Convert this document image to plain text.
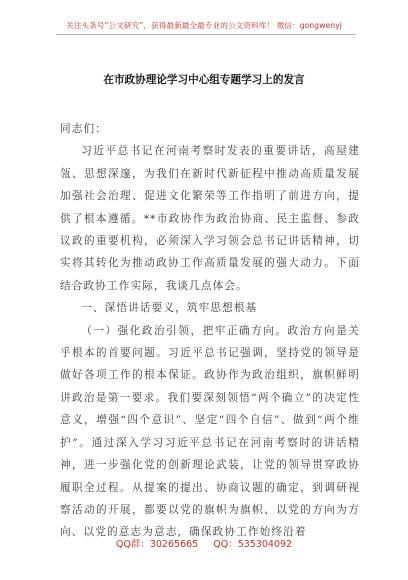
关注头条号“公文研究”，获得最新最全最专业的公文资料库！ 微信：gongwenyj
在市政协理论学习中心组专题学习上的发言

同志们：

习近平总书记在河南考察时发表的重要讲话，高屋建瓴、思想深邃，为我们在新时代新征程中推动高质量发展加强社会治理、促进文化繁荣等工作指明了前进方向，提供了根本遵循。**市政协作为政治协商、民主监督、参政议政的重要机构，必须深入学习领会总书记讲话精神，切实将其转化为推动政协工作高质量发展的强大动力。下面结合政协工作实际，我谈几点体会。

一、深悟讲话要义，筑牢思想根基

（一）强化政治引领，把牢正确方向。政治方向是关乎根本的首要问题。习近平总书记强调，坚持党的领导是做好各项工作的根本保证。政协作为政治组织，旗帜鲜明讲政治是第一要求。我们要深刻领悟“两个确立”的决定性意义，增强“四个意识”、坚定“四个自信”、做到“两个维护”。通过深入学习习近平总书记在河南考察时的讲话精神，进一步强化党的创新理论武装，让党的领导贯穿政协履职全过程。从提案的提出、协商议题的确定，到调研视察活动的开展，都要以党的旗帜为旗帜、以党的方向为方向、以党的意志为意志，确保政协工作始终沿着

QQ群：30265665 QQ：535304092
